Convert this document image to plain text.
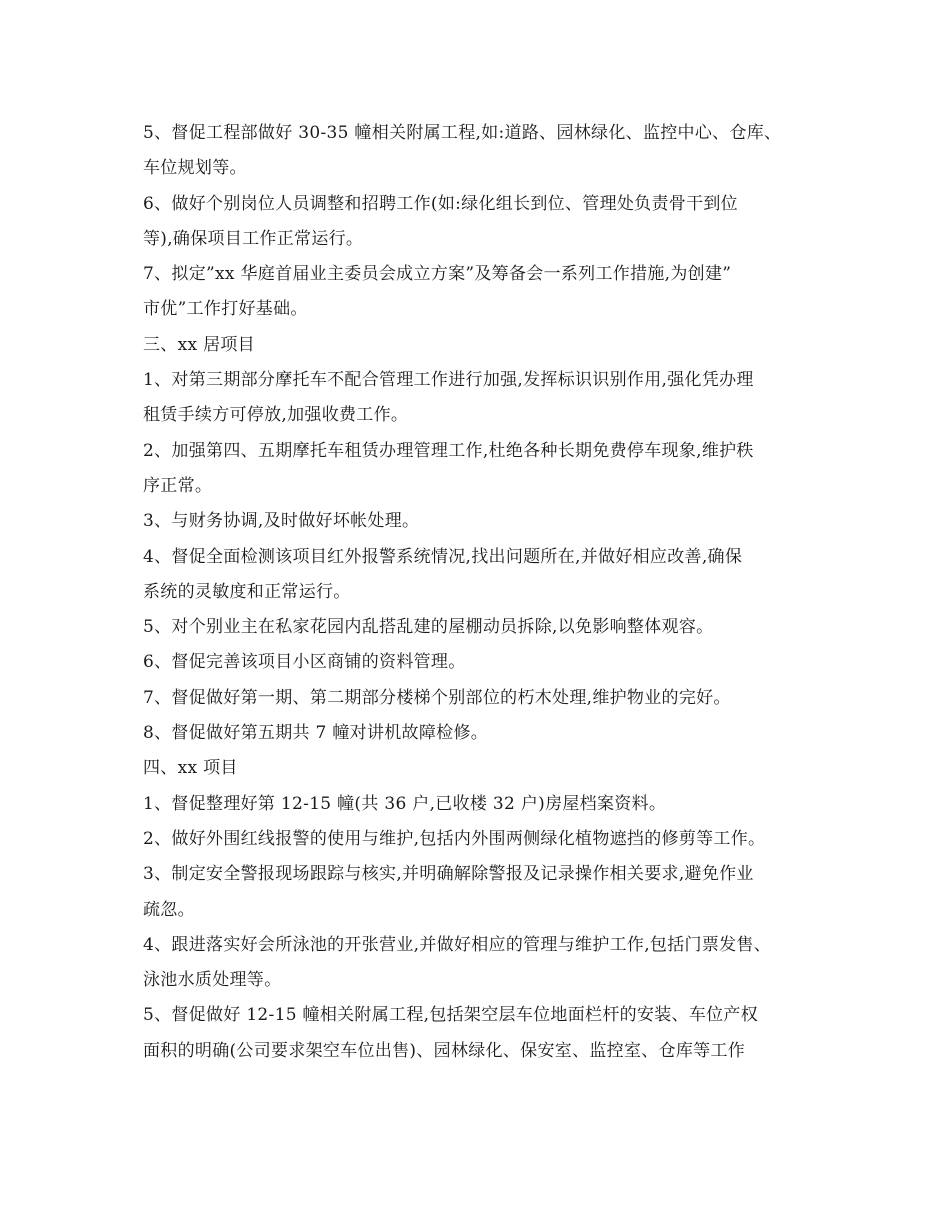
5、督促工程部做好 30-35 幢相关附属工程,如:道路、园林绿化、监控中心、仓库、
车位规划等。
6、做好个别岗位人员调整和招聘工作(如:绿化组长到位、管理处负责骨干到位
等),确保项目工作正常运行。
7、拟定”xx 华庭首届业主委员会成立方案”及筹备会一系列工作措施,为创建”
市优”工作打好基础。
三、xx 居项目
1、对第三期部分摩托车不配合管理工作进行加强,发挥标识识别作用,强化凭办理
租赁手续方可停放,加强收费工作。
2、加强第四、五期摩托车租赁办理管理工作,杜绝各种长期免费停车现象,维护秩
序正常。
3、与财务协调,及时做好坏帐处理。
4、督促全面检测该项目红外报警系统情况,找出问题所在,并做好相应改善,确保
系统的灵敏度和正常运行。
5、对个别业主在私家花园内乱搭乱建的屋棚动员拆除,以免影响整体观容。
6、督促完善该项目小区商铺的资料管理。
7、督促做好第一期、第二期部分楼梯个别部位的朽木处理,维护物业的完好。
8、督促做好第五期共 7 幢对讲机故障检修。
四、xx 项目
1、督促整理好第 12-15 幢(共 36 户,已收楼 32 户)房屋档案资料。
2、做好外围红线报警的使用与维护,包括内外围两侧绿化植物遮挡的修剪等工作。
3、制定安全警报现场跟踪与核实,并明确解除警报及记录操作相关要求,避免作业
疏忽。
4、跟进落实好会所泳池的开张营业,并做好相应的管理与维护工作,包括门票发售、
泳池水质处理等。
5、督促做好 12-15 幢相关附属工程,包括架空层车位地面栏杆的安装、车位产权
面积的明确(公司要求架空车位出售)、园林绿化、保安室、监控室、仓库等工作
